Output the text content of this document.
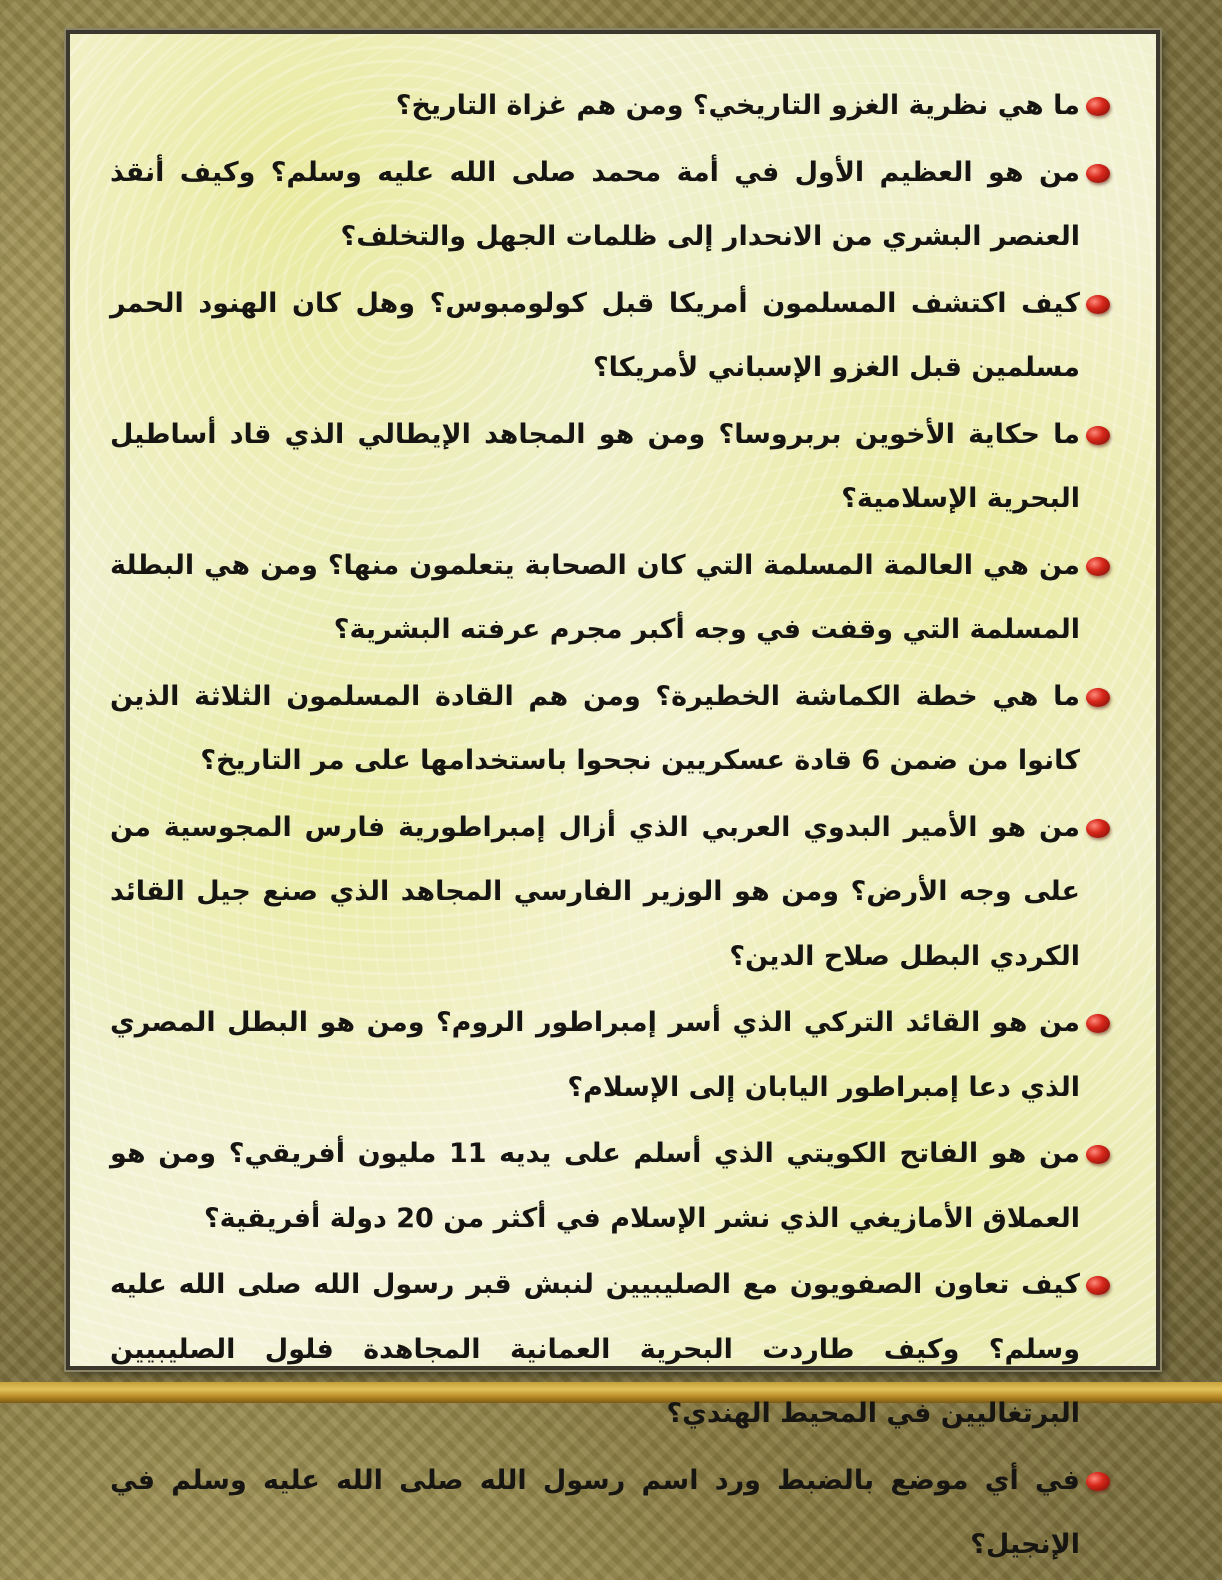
ما هي نظرية الغزو التاريخي؟ ومن هم غزاة التاريخ؟
من هو العظيم الأول في أمة محمد صلى الله عليه وسلم؟ وكيف أنقذ العنصر البشري من الانحدار إلى ظلمات الجهل والتخلف؟
كيف اكتشف المسلمون أمريكا قبل كولومبوس؟ وهل كان الهنود الحمر مسلمين قبل الغزو الإسباني لأمريكا؟
ما حكاية الأخوين بربروسا؟ ومن هو المجاهد الإيطالي الذي قاد أساطيل البحرية الإسلامية؟
من هي العالمة المسلمة التي كان الصحابة يتعلمون منها؟ ومن هي البطلة المسلمة التي وقفت في وجه أكبر مجرم عرفته البشرية؟
ما هي خطة الكماشة الخطيرة؟ ومن هم القادة المسلمون الثلاثة الذين كانوا من ضمن 6 قادة عسكريين نجحوا باستخدامها على مر التاريخ؟
من هو الأمير البدوي العربي الذي أزال إمبراطورية فارس المجوسية من على وجه الأرض؟ ومن هو الوزير الفارسي المجاهد الذي صنع جيل القائد الكردي البطل صلاح الدين؟
من هو القائد التركي الذي أسر إمبراطور الروم؟ ومن هو البطل المصري الذي دعا إمبراطور اليابان إلى الإسلام؟
من هو الفاتح الكويتي الذي أسلم على يديه 11 مليون أفريقي؟ ومن هو العملاق الأمازيغي الذي نشر الإسلام في أكثر من 20 دولة أفريقية؟
كيف تعاون الصفويون مع الصليبيين لنبش قبر رسول الله صلى الله عليه وسلم؟ وكيف طاردت البحرية العمانية المجاهدة فلول الصليبيين البرتغاليين في المحيط الهندي؟
في أي موضع بالضبط ورد اسم رسول الله صلى الله عليه وسلم في الإنجيل؟
